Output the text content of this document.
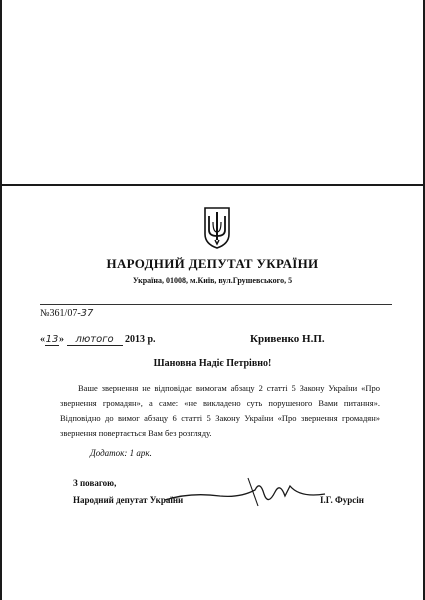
НАРОДНИЙ ДЕПУТАТ УКРАЇНИ
Україна, 01008, м.Київ, вул.Грушевського, 5
№361/07-37
«13» лютого 2013 р.	Кривенко Н.П.
Шановна Надіє Петрівно!
Ваше звернення не відповідає вимогам абзацу 2 статті 5 Закону України «Про звернення громадян», а саме: «не викладено суть порушеного Вами питання». Відповідно до вимог абзацу 6 статті 5 Закону України «Про звернення громадян» звернення повертається Вам без розгляду.
Додаток: 1 арк.
З повагою,
Народний депутат України	І.Г. Фурсін
